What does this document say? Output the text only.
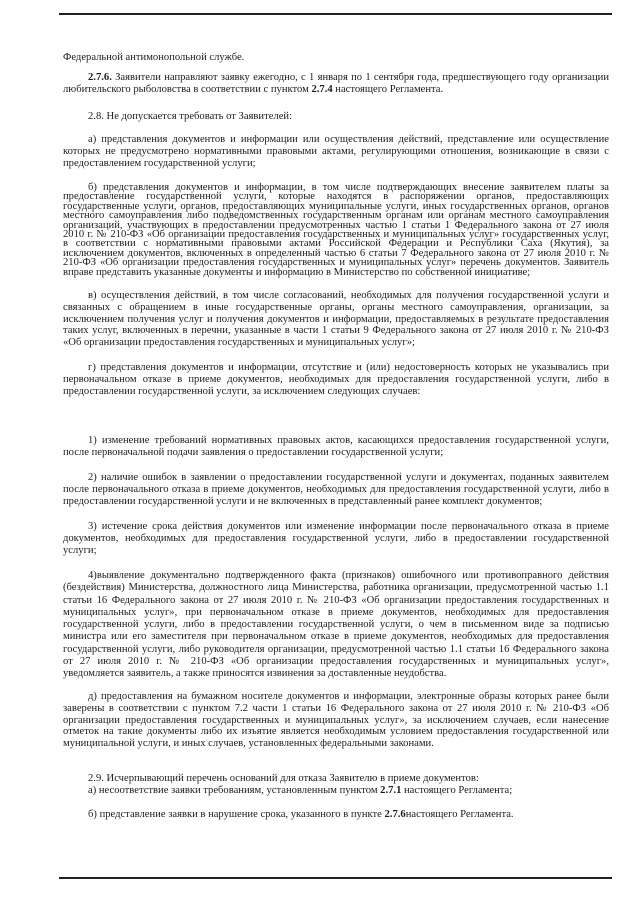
Федеральной антимонопольной службе.

2.7.6. Заявители направляют заявку ежегодно, с 1 января по 1 сентября года, предшествующего году организации любительского рыболовства в соответствии с пунктом 2.7.4 настоящего Регламента.

2.8. Не допускается требовать от Заявителей:

а) представления документов и информации или осуществления действий, представление или осуществление которых не предусмотрено нормативными правовыми актами, регулирующими отношения, возникающие в связи с предоставлением государственной услуги;

б) представления документов и информации, в том числе подтверждающих внесение заявителем платы за предоставление государственной услуги, которые находятся в распоряжении органов, предоставляющих государственные услуги, органов, предоставляющих муниципальные услуги, иных государственных органов, органов местного самоуправления либо подведомственных государственным органам или органам местного самоуправления организаций, участвующих в предоставлении предусмотренных частью 1 статьи 1 Федерального закона от 27 июля 2010 г. № 210-ФЗ «Об организации предоставления государственных и муниципальных услуг» государственных услуг, в соответствии с нормативными правовыми актами Российской Федерации и Республики Саха (Якутия), за исключением документов, включенных в определенный частью 6 статьи 7 Федерального закона от 27 июля 2010 г. № 210-ФЗ «Об организации предоставления государственных и муниципальных услуг» перечень документов. Заявитель вправе представить указанные документы и информацию в Министерство по собственной инициативе;

в) осуществления действий, в том числе согласований, необходимых для получения государственной услуги и связанных с обращением в иные государственные органы, органы местного самоуправления, организации, за исключением получения услуг и получения документов и информации, предоставляемых в результате предоставления таких услуг, включенных в перечни, указанные в части 1 статьи 9 Федерального закона от 27 июля 2010 г. № 210-ФЗ «Об организации предоставления государственных и муниципальных услуг»;

г) представления документов и информации, отсутствие и (или) недостоверность которых не указывались при первоначальном отказе в приеме документов, необходимых для предоставления государственной услуги, либо в предоставлении государственной услуги, за исключением следующих случаев:

1) изменение требований нормативных правовых актов, касающихся предоставления государственной услуги, после первоначальной подачи заявления о предоставлении государственной услуги;

2) наличие ошибок в заявлении о предоставлении государственной услуги и документах, поданных заявителем после первоначального отказа в приеме документов, необходимых для предоставления государственной услуги, либо в предоставлении государственной услуги и не включенных в представленный ранее комплект документов;

3) истечение срока действия документов или изменение информации после первоначального отказа в приеме документов, необходимых для предоставления государственной услуги, либо в предоставлении государственной услуги;

4)выявление документально подтвержденного факта (признаков) ошибочного или противоправного действия (бездействия) Министерства, должностного лица Министерства, работника организации, предусмотренной частью 1.1 статьи 16 Федерального закона от 27 июля 2010 г. № 210-ФЗ «Об организации предоставления государственных и муниципальных услуг», при первоначальном отказе в приеме документов, необходимых для предоставления государственной услуги, либо в предоставлении государственной услуги, о чем в письменном виде за подписью министра или его заместителя при первоначальном отказе в приеме документов, необходимых для предоставления государственной услуги, либо руководителя организации, предусмотренной частью 1.1 статьи 16 Федерального закона от 27 июля 2010 г. № 210-ФЗ «Об организации предоставления государственных и муниципальных услуг», уведомляется заявитель, а также приносятся извинения за доставленные неудобства.

д) предоставления на бумажном носителе документов и информации, электронные образы которых ранее были заверены в соответствии с пунктом 7.2 части 1 статьи 16 Федерального закона от 27 июля 2010 г. № 210-ФЗ «Об организации предоставления государственных и муниципальных услуг», за исключением случаев, если нанесение отметок на такие документы либо их изъятие является необходимым условием предоставления государственной или муниципальной услуги, и иных случаев, установленных федеральными законами.

2.9. Исчерпывающий перечень оснований для отказа Заявителю в приеме документов:

а) несоответствие заявки требованиям, установленным пунктом 2.7.1 настоящего Регламента;

б) представление заявки в нарушение срока, указанного в пункте 2.7.6настоящего Регламента.
